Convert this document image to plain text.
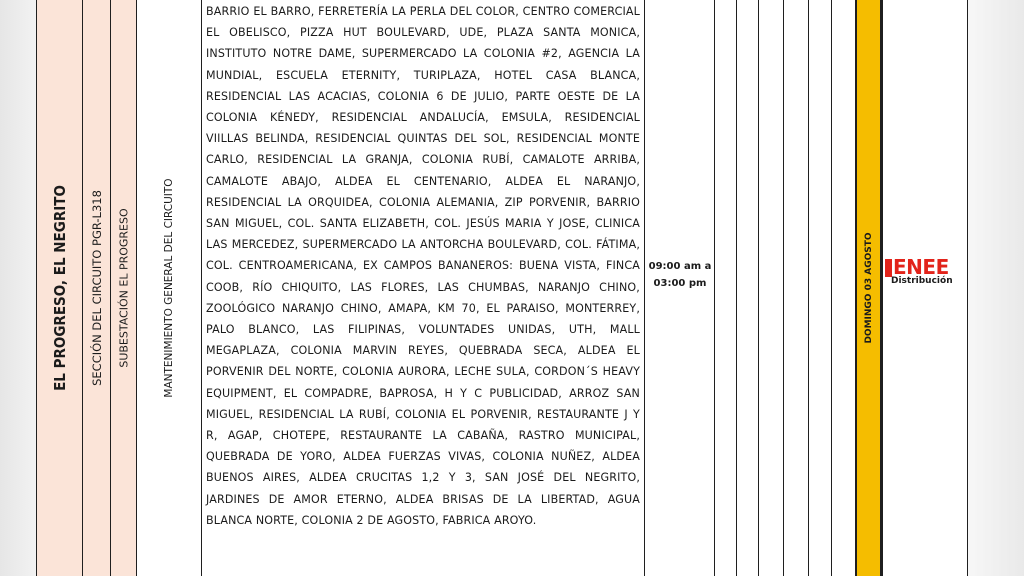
EL PROGRESO, EL NEGRITO SECCIÓN DEL CIRCUITO PGR-L318 SUBESTACIÓN EL PROGRESO	MANTENIMIENTO GENERAL DEL CIRCUITO
BARRIO EL BARRO, FERRETERÍA LA PERLA DEL COLOR, CENTRO COMERCIAL EL OBELISCO, PIZZA HUT BOULEVARD, UDE, PLAZA SANTA MONICA, INSTITUTO NOTRE DAME, SUPERMERCADO LA COLONIA #2, AGENCIA LA MUNDIAL, ESCUELA ETERNITY, TURIPLAZA, HOTEL CASA BLANCA, RESIDENCIAL LAS ACACIAS, COLONIA 6 DE JULIO, PARTE OESTE DE LA COLONIA KÉNEDY, RESIDENCIAL ANDALUCÍA, EMSULA, RESIDENCIAL VIILLAS BELINDA, RESIDENCIAL QUINTAS DEL SOL, RESIDENCIAL MONTE CARLO, RESIDENCIAL LA GRANJA, COLONIA RUBÍ, CAMALOTE ARRIBA, CAMALOTE ABAJO, ALDEA EL CENTENARIO, ALDEA EL NARANJO, RESIDENCIAL LA ORQUIDEA, COLONIA ALEMANIA, ZIP PORVENIR, BARRIO SAN MIGUEL, COL. SANTA ELIZABETH, COL. JESÚS MARIA Y JOSE, CLINICA LAS MERCEDEZ, SUPERMERCADO LA ANTORCHA BOULEVARD, COL. FÁTIMA, COL. CENTROAMERICANA, EX CAMPOS BANANEROS: BUENA VISTA, FINCA COOB, RÍO CHIQUITO, LAS FLORES, LAS CHUMBAS, NARANJO CHINO, ZOOLÓGICO NARANJO CHINO, AMAPA, KM 70, EL PARAISO, MONTERREY, PALO BLANCO, LAS FILIPINAS, VOLUNTADES UNIDAS, UTH, MALL MEGAPLAZA, COLONIA MARVIN REYES, QUEBRADA SECA, ALDEA EL PORVENIR DEL NORTE, COLONIA AURORA, LECHE SULA, CORDON´S HEAVY EQUIPMENT, EL COMPADRE, BAPROSA, H Y C PUBLICIDAD, ARROZ SAN MIGUEL, RESIDENCIAL LA RUBÍ, COLONIA EL PORVENIR, RESTAURANTE J Y R, AGAP, CHOTEPE, RESTAURANTE LA CABAÑA, RASTRO MUNICIPAL, QUEBRADA DE YORO, ALDEA FUERZAS VIVAS, COLONIA NUÑEZ, ALDEA BUENOS AIRES, ALDEA CRUCITAS 1,2 Y 3, SAN JOSÉ DEL NEGRITO, JARDINES DE AMOR ETERNO, ALDEA BRISAS DE LA LIBERTAD, AGUA BLANCA NORTE, COLONIA 2 DE AGOSTO, FABRICA AROYO.
09:00 am a
03:00 pm	DOMINGO 03 AGOSTO ENEE
Distribución
